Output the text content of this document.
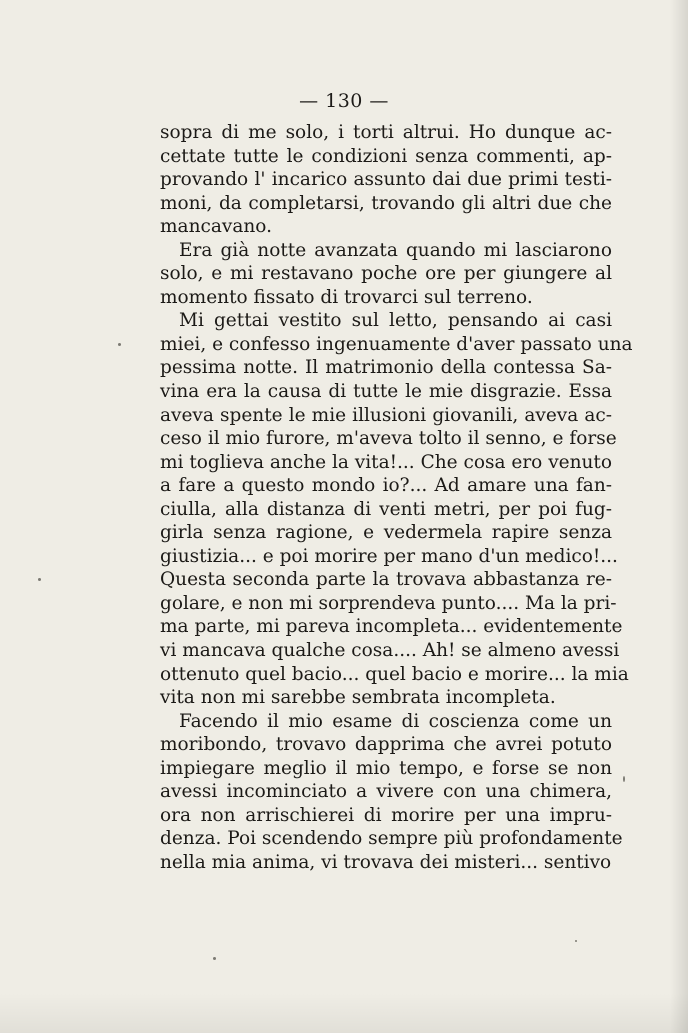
— 130 —
sopra di me solo, i torti altrui. Ho dunque ac-
cettate tutte le condizioni senza commenti, ap-
provando l' incarico assunto dai due primi testi-
moni, da completarsi, trovando gli altri due che
mancavano.
Era già notte avanzata quando mi lasciarono
solo, e mi restavano poche ore per giungere al
momento fissato di trovarci sul terreno.
Mi gettai vestito sul letto, pensando ai casi
miei, e confesso ingenuamente d'aver passato una
pessima notte. Il matrimonio della contessa Sa-
vina era la causa di tutte le mie disgrazie. Essa
aveva spente le mie illusioni giovanili, aveva ac-
ceso il mio furore, m'aveva tolto il senno, e forse
mi toglieva anche la vita!... Che cosa ero venuto
a fare a questo mondo io?... Ad amare una fan-
ciulla, alla distanza di venti metri, per poi fug-
girla senza ragione, e vedermela rapire senza
giustizia... e poi morire per mano d'un medico!...
Questa seconda parte la trovava abbastanza re-
golare, e non mi sorprendeva punto.... Ma la pri-
ma parte, mi pareva incompleta... evidentemente
vi mancava qualche cosa.... Ah! se almeno avessi
ottenuto quel bacio... quel bacio e morire... la mia
vita non mi sarebbe sembrata incompleta.
Facendo il mio esame di coscienza come un
moribondo, trovavo dapprima che avrei potuto
impiegare meglio il mio tempo, e forse se non
avessi incominciato a vivere con una chimera,
ora non arrischierei di morire per una impru-
denza. Poi scendendo sempre più profondamente
nella mia anima, vi trovava dei misteri... sentivo
